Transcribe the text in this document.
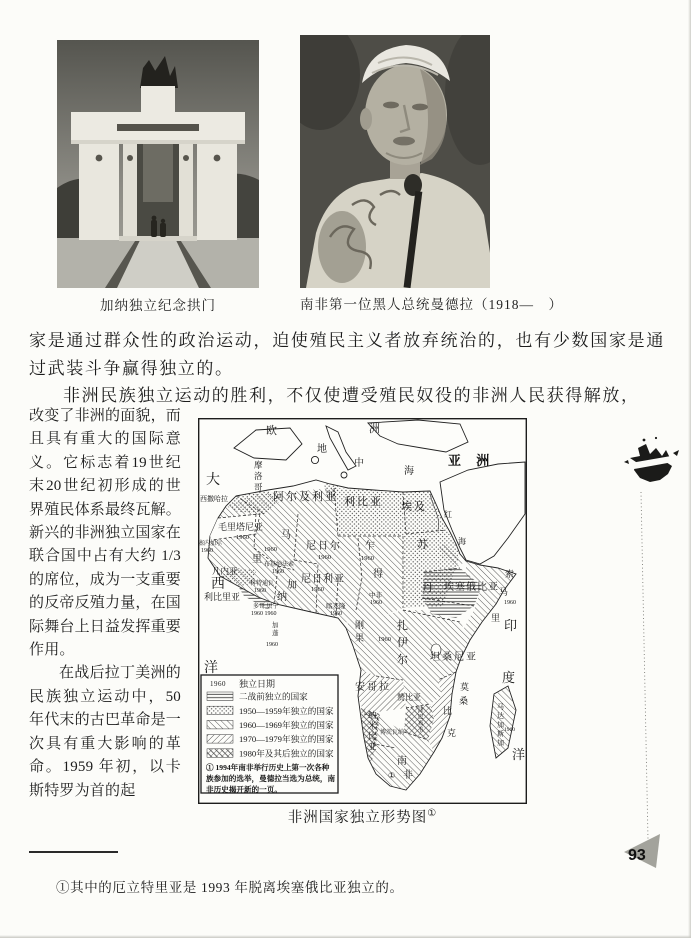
加纳独立纪念拱门	南非第一位黑人总统曼德拉（1918—　）

家是通过群众性的政治运动，迫使殖民主义者放弃统治的，也有少数国家是通过武装斗争赢得独立的。

非洲民族独立运动的胜利，不仅使遭受殖民奴役的非洲人民获得解放，

改变了非洲的面貌，而且具有重大的国际意义。它标志着19世纪末20世纪初形成的世界殖民体系最终瓦解。新兴的非洲独立国家在联合国中占有大约 1/3 的席位，成为一支重要的反帝反殖力量，在国际舞台上日益发挥重要作用。

在战后拉丁美洲的民族独立运动中，50 年代末的古巴革命是一次具有重大影响的革命。1959 年初，以卡斯特罗为首的起

1960 独立日期
二战前独立的国家
1950—1959年独立的国家
1960—1969年独立的国家
1970—1979年独立的国家
1980年及其后独立的国家
① 1994年南非举行历史上第一次各种
族参加的选举，曼德拉当选为总统，南
非历史揭开新的一页。
欧	洲
地
中
海
亚 洲
大
西
洋
印
度
洋
红
海
摩洛哥
西撒哈拉	阿尔及利亚 利比亚 埃及
毛里塔尼亚
1960	马
1960
里
尼日尔
1960
乍
1960
得
苏
丹
塞内加尔
1960
几内亚
科特迪瓦
1960
布基纳法索
1960
利比里亚
加
纳
尼日利亚
1960
多哥 贝宁
1960 1960
喀麦隆
1960
中非
1960
刚果
加蓬
1960
扎伊尔
1960
坦桑尼亚
安哥拉
赞比亚
莫
桑
比
克
津巴布韦
博茨瓦纳
纳米比亚
南
非
①
马达加斯加
1960
索
马
1960
里
埃塞俄比亚
非洲国家独立形势图①

①其中的厄立特里亚是 1993 年脱离埃塞俄比亚独立的。

93
